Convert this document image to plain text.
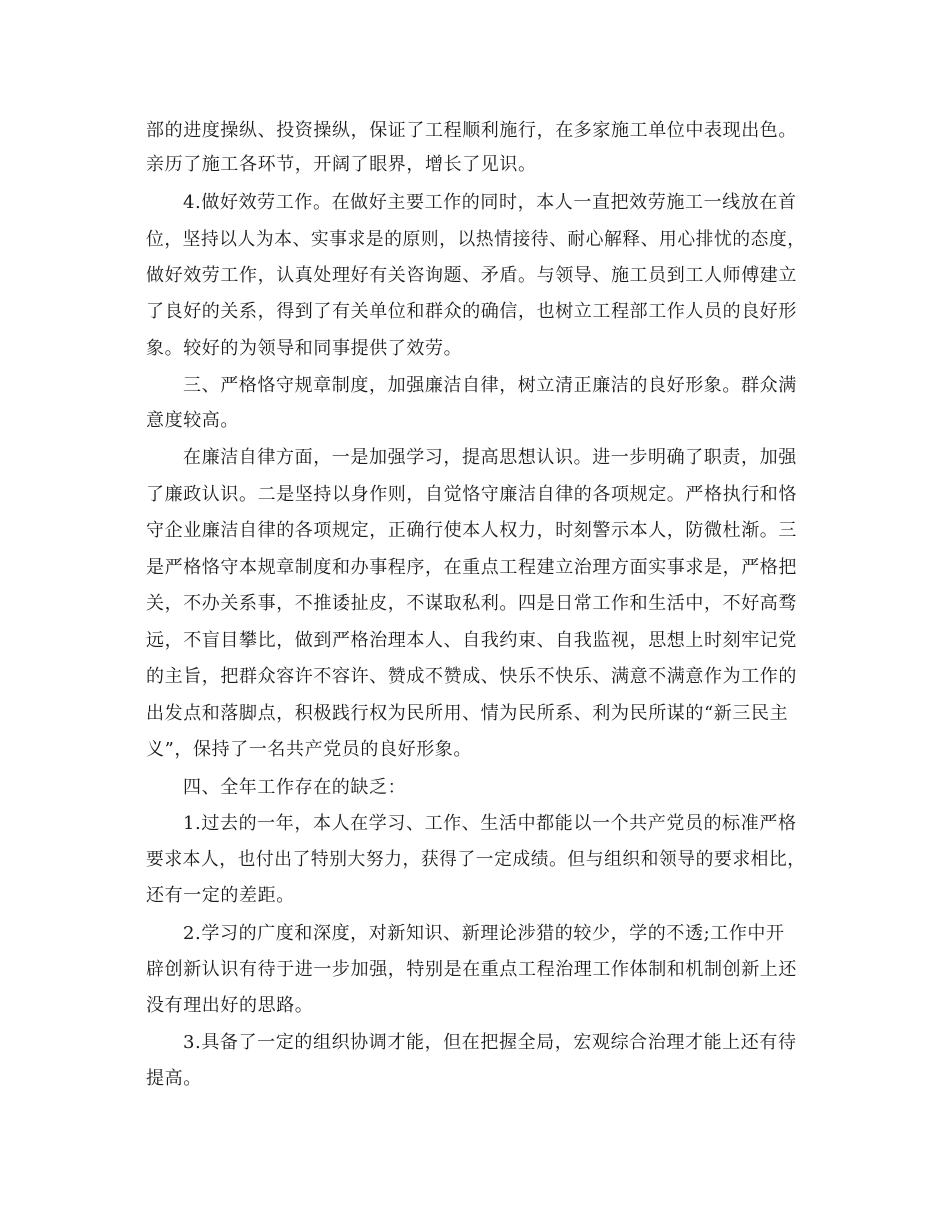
部的进度操纵、投资操纵，保证了工程顺利施行，在多家施工单位中表现出色。
亲历了施工各环节，开阔了眼界，增长了见识。
4.做好效劳工作。在做好主要工作的同时，本人一直把效劳施工一线放在首
位，坚持以人为本、实事求是的原则，以热情接待、耐心解释、用心排忧的态度，
做好效劳工作，认真处理好有关咨询题、矛盾。与领导、施工员到工人师傅建立
了良好的关系，得到了有关单位和群众的确信，也树立工程部工作人员的良好形
象。较好的为领导和同事提供了效劳。
三、严格恪守规章制度，加强廉洁自律，树立清正廉洁的良好形象。群众满
意度较高。
在廉洁自律方面，一是加强学习，提高思想认识。进一步明确了职责，加强
了廉政认识。二是坚持以身作则，自觉恪守廉洁自律的各项规定。严格执行和恪
守企业廉洁自律的各项规定，正确行使本人权力，时刻警示本人，防微杜渐。三
是严格恪守本规章制度和办事程序，在重点工程建立治理方面实事求是，严格把
关，不办关系事，不推诿扯皮，不谋取私利。四是日常工作和生活中，不好高骛
远，不盲目攀比，做到严格治理本人、自我约束、自我监视，思想上时刻牢记党
的主旨，把群众容许不容许、赞成不赞成、快乐不快乐、满意不满意作为工作的
出发点和落脚点，积极践行权为民所用、情为民所系、利为民所谋的“新三民主
义”，保持了一名共产党员的良好形象。
四、全年工作存在的缺乏：
1.过去的一年，本人在学习、工作、生活中都能以一个共产党员的标准严格
要求本人，也付出了特别大努力，获得了一定成绩。但与组织和领导的要求相比，
还有一定的差距。
2.学习的广度和深度，对新知识、新理论涉猎的较少，学的不透;工作中开
辟创新认识有待于进一步加强，特别是在重点工程治理工作体制和机制创新上还
没有理出好的思路。
3.具备了一定的组织协调才能，但在把握全局，宏观综合治理才能上还有待
提高。
